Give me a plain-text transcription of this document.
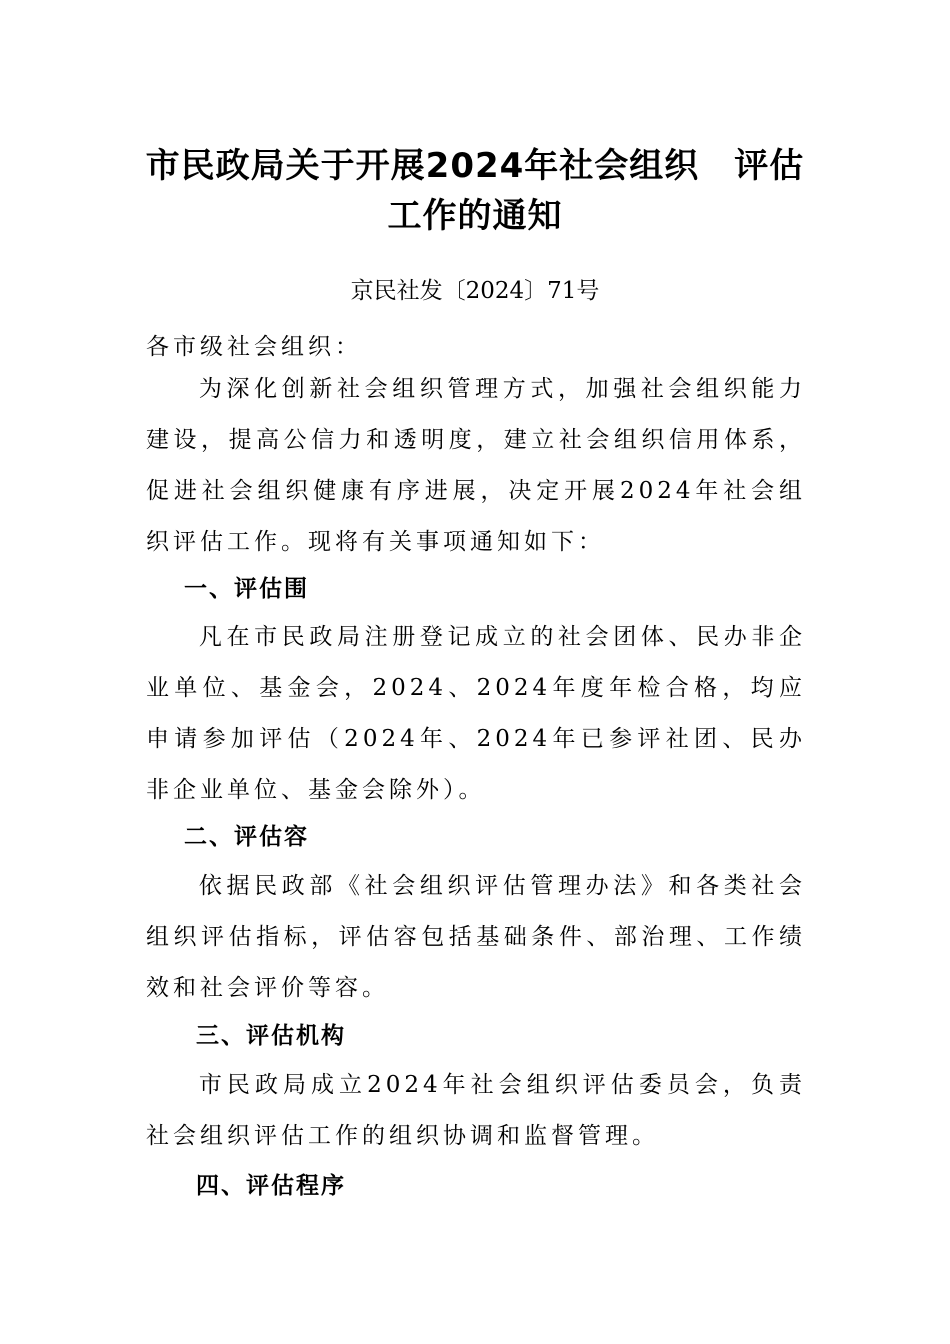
市民政局关于开展2024年社会组织　评估
工作的通知
京民社发〔2024〕71号

各市级社会组织：

为深化创新社会组织管理方式，加强社会组织能力建设，提高公信力和透明度，建立社会组织信用体系，促进社会组织健康有序进展，决定开展2024年社会组织评估工作。现将有关事项通知如下：

一、评估围

凡在市民政局注册登记成立的社会团体、民办非企业单位、基金会，2024、2024年度年检合格，均应申请参加评估（2024年、2024年已参评社团、民办非企业单位、基金会除外）。

二、评估容

依据民政部《社会组织评估管理办法》和各类社会组织评估指标，评估容包括基础条件、部治理、工作绩效和社会评价等容。

三、评估机构

市民政局成立2024年社会组织评估委员会，负责社会组织评估工作的组织协调和监督管理。

四、评估程序
